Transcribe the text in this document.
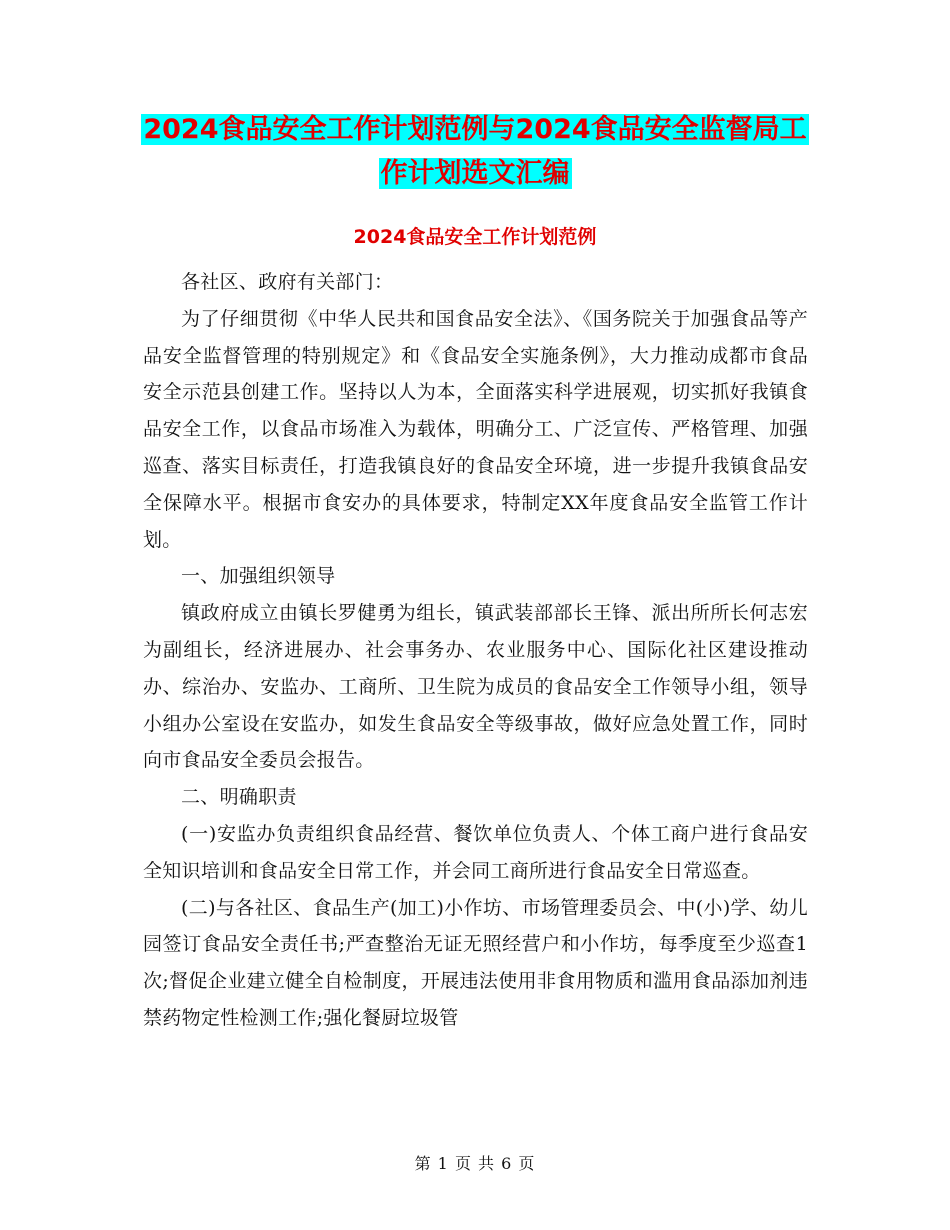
2024食品安全工作计划范例与2024食品安全监督局工
作计划选文汇编
2024食品安全工作计划范例

各社区、政府有关部门：

为了仔细贯彻《中华人民共和国食品安全法》、《国务院关于加强食品等产品安全监督管理的特别规定》和《食品安全实施条例》，大力推动成都市食品安全示范县创建工作。坚持以人为本，全面落实科学进展观，切实抓好我镇食品安全工作，以食品市场准入为载体，明确分工、广泛宣传、严格管理、加强巡查、落实目标责任，打造我镇良好的食品安全环境，进一步提升我镇食品安全保障水平。根据市食安办的具体要求，特制定XX年度食品安全监管工作计划。

一、加强组织领导

镇政府成立由镇长罗健勇为组长，镇武装部部长王锋、派出所所长何志宏为副组长，经济进展办、社会事务办、农业服务中心、国际化社区建设推动办、综治办、安监办、工商所、卫生院为成员的食品安全工作领导小组，领导小组办公室设在安监办，如发生食品安全等级事故，做好应急处置工作，同时向市食品安全委员会报告。

二、明确职责

(一)安监办负责组织食品经营、餐饮单位负责人、个体工商户进行食品安全知识培训和食品安全日常工作，并会同工商所进行食品安全日常巡查。

(二)与各社区、食品生产(加工)小作坊、市场管理委员会、中(小)学、幼儿园签订食品安全责任书;严查整治无证无照经营户和小作坊，每季度至少巡查1次;督促企业建立健全自检制度，开展违法使用非食用物质和滥用食品添加剂违禁药物定性检测工作;强化餐厨垃圾管

第 1 页 共 6 页
